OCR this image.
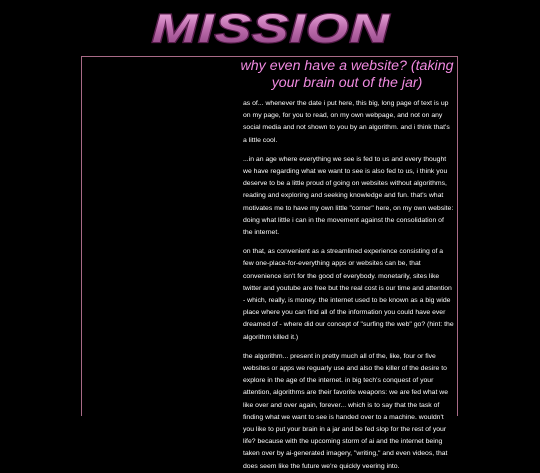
MISSION
why even have a website? (taking your brain out of the jar)

as of... whenever the date i put here, this big, long page of text is up on my page, for you to read, on my own webpage, and not on any social media and not shown to you by an algorithm. and i think that's a little cool.

...in an age where everything we see is fed to us and every thought we have regarding what we want to see is also fed to us, i think you deserve to be a little proud of going on websites without algorithms, reading and exploring and seeking knowledge and fun. that's what motivates me to have my own little "corner" here, on my own website: doing what little i can in the movement against the consolidation of the internet.

on that, as convenient as a streamlined experience consisting of a few one-place-for-everything apps or websites can be, that convenience isn't for the good of everybody. monetarily, sites like twitter and youtube are free but the real cost is our time and attention - which, really, is money. the internet used to be known as a big wide place where you can find all of the information you could have ever dreamed of - where did our concept of "surfing the web" go? (hint: the algorithm killed it.)

the algorithm... present in pretty much all of the, like, four or five websites or apps we reguarly use and also the killer of the desire to explore in the age of the internet. in big tech's conquest of your attention, algorithms are their favorite weapons: we are fed what we like over and over again, forever... which is to say that the task of finding what we want to see is handed over to a machine. wouldn't you like to put your brain in a jar and be fed slop for the rest of your life? because with the upcoming storm of ai and the internet being taken over by ai-generated imagery, "writing," and even videos, that does seem like the future we're quickly veering into.
